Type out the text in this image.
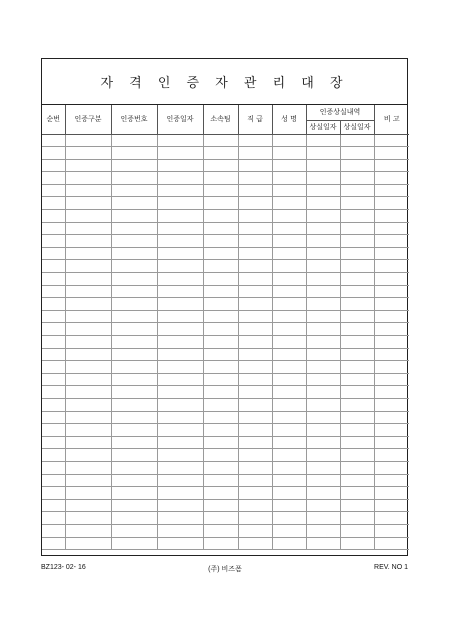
자 격 인 증 자 관 리 대 장
순번	인증구분	인증번호	인증일자	소속팀	직 급	성 명	인증상실내역		비 고
							상실일자	상실일자	

BZ123- 02- 16	(주) 비즈폼	REV. NO 1
